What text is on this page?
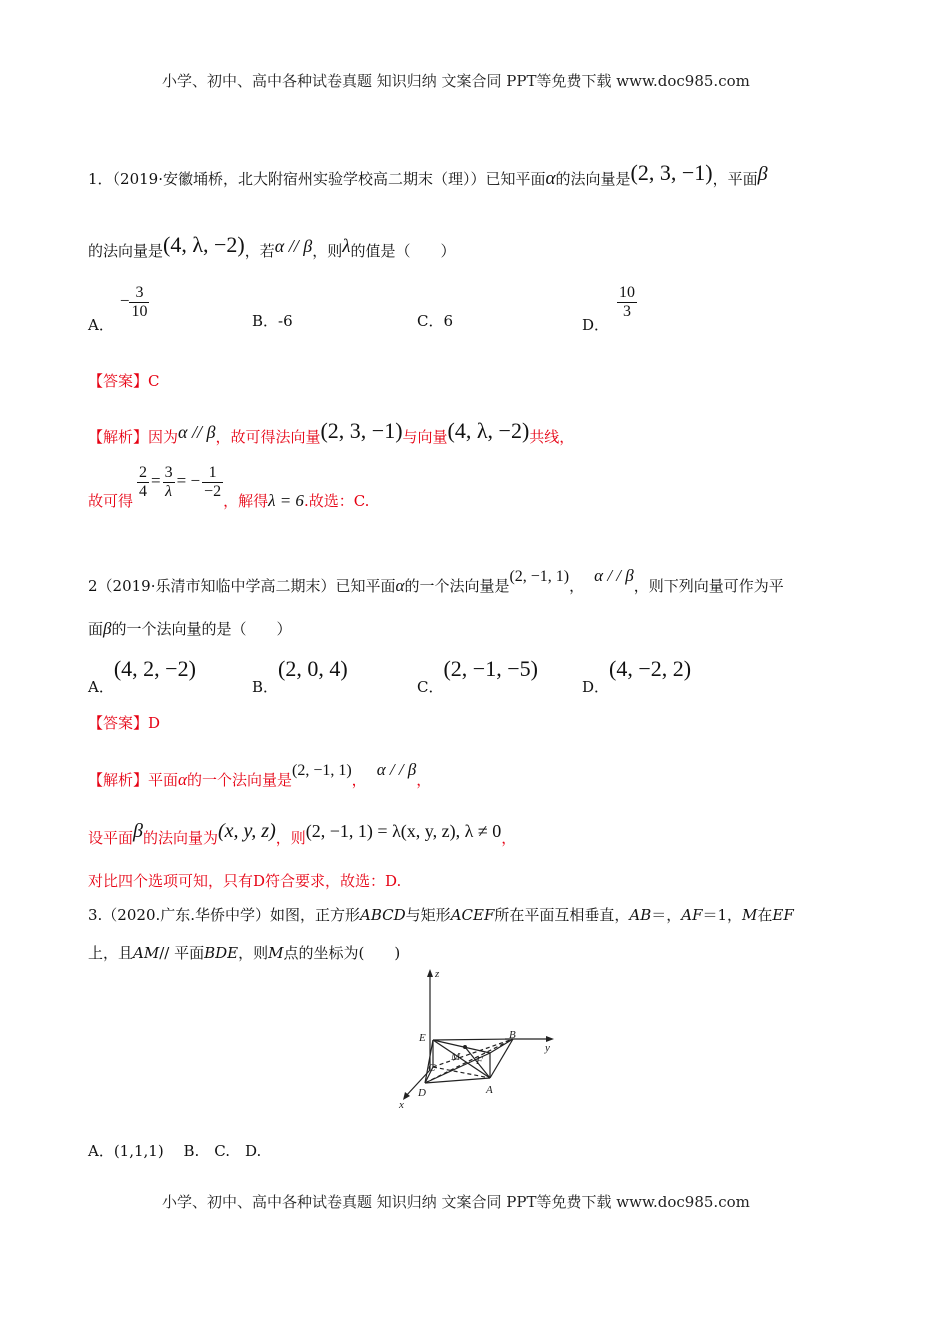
小学、初中、高中各种试卷真题 知识归纳 文案合同 PPT等免费下载 www.doc985.com
1．（2019·安徽埇桥，北大附宿州实验学校高二期末（理））已知平面α的法向量是(2, 3, −1)，平面β
的法向量是(4, λ, −2)，若α // β，则λ的值是（　　）
A．− $\frac{3}{10}$
B．-6	C．6	D．
$\frac{10}{3}$
【答案】C
【解析】因为α // β，故可得法向量(2, 3, −1)与向量(4, λ, −2)共线，
故可得
$\frac{2}{4} = \frac{3}{\lambda}$ = − $\frac{1}{-2}$
，解得λ = 6.故选：C.
2（2019·乐清市知临中学高二期末）已知平面α的一个法向量是(2, −1, 1)，α / / β，则下列向量可作为平
面β的一个法向量的是（　　）
A．(4, 2, −2)
B．(2, 0, 4)
C．(2, −1, −5)
D．(4, −2, 2)
【答案】D
【解析】平面α的一个法向量是(2, −1, 1)，α / / β，
设平面β的法向量为(x, y, z)，则(2, −1, 1) = λ(x, y, z), λ ≠ 0，
对比四个选项可知，只有D符合要求，故选：D.
3.（2020.广东.华侨中学）如图，正方形ABCD与矩形ACEF所在平面互相垂直，AB＝，AF＝1，M在EF
上，且AM// 平面BDE，则M点的坐标为(　　)
z
y
x
E
M
C
F
B
D	A
A．(1,1,1)　 B.　C.　D.
小学、初中、高中各种试卷真题 知识归纳 文案合同 PPT等免费下载 www.doc985.com
